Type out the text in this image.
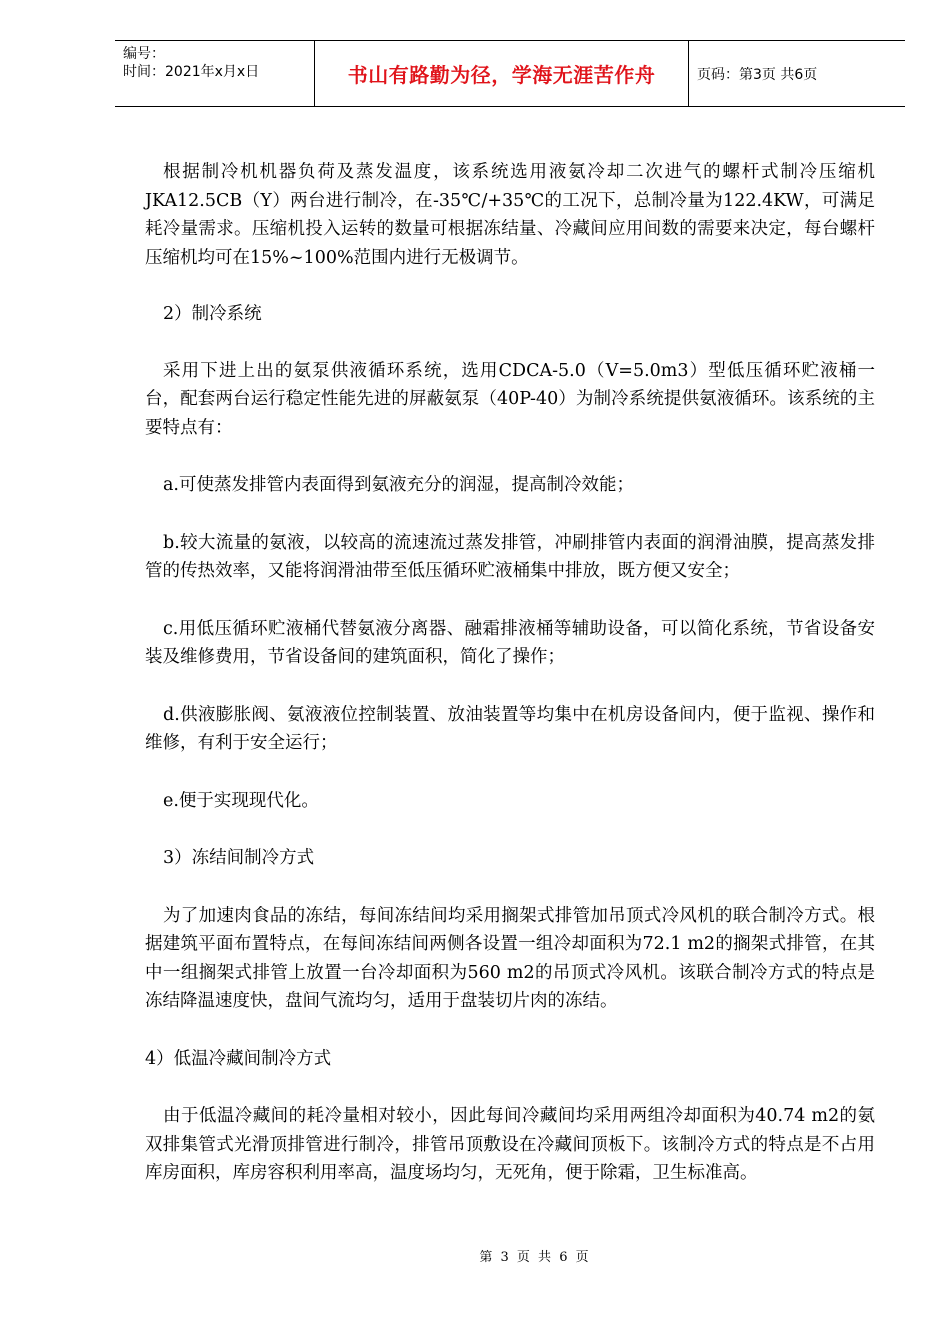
编号：
时间：2021年x月x日	书山有路勤为径，学海无涯苦作舟	页码：第3页 共6页

根据制冷机机器负荷及蒸发温度，该系统选用液氨冷却二次进气的螺杆式制冷压缩机JKA12.5CB（Y）两台进行制冷，在-35℃/+35℃的工况下，总制冷量为122.4KW，可满足耗冷量需求。压缩机投入运转的数量可根据冻结量、冷藏间应用间数的需要来决定，每台螺杆压缩机均可在15%~100%范围内进行无极调节。

2）制冷系统

采用下进上出的氨泵供液循环系统，选用CDCA-5.0（V=5.0m3）型低压循环贮液桶一台，配套两台运行稳定性能先进的屏蔽氨泵（40P-40）为制冷系统提供氨液循环。该系统的主要特点有：

a.可使蒸发排管内表面得到氨液充分的润湿，提高制冷效能；

b.较大流量的氨液，以较高的流速流过蒸发排管，冲刷排管内表面的润滑油膜，提高蒸发排管的传热效率，又能将润滑油带至低压循环贮液桶集中排放，既方便又安全；

c.用低压循环贮液桶代替氨液分离器、融霜排液桶等辅助设备，可以简化系统，节省设备安装及维修费用，节省设备间的建筑面积，简化了操作；

d.供液膨胀阀、氨液液位控制装置、放油装置等均集中在机房设备间内，便于监视、操作和维修，有利于安全运行；

e.便于实现现代化。

3）冻结间制冷方式

为了加速肉食品的冻结，每间冻结间均采用搁架式排管加吊顶式冷风机的联合制冷方式。根据建筑平面布置特点，在每间冻结间两侧各设置一组冷却面积为72.1 m2的搁架式排管，在其中一组搁架式排管上放置一台冷却面积为560 m2的吊顶式冷风机。该联合制冷方式的特点是冻结降温速度快，盘间气流均匀，适用于盘装切片肉的冻结。

4）低温冷藏间制冷方式

由于低温冷藏间的耗冷量相对较小，因此每间冷藏间均采用两组冷却面积为40.74 m2的氨双排集管式光滑顶排管进行制冷，排管吊顶敷设在冷藏间顶板下。该制冷方式的特点是不占用库房面积，库房容积利用率高，温度场均匀，无死角，便于除霜，卫生标准高。

第 3 页 共 6 页
